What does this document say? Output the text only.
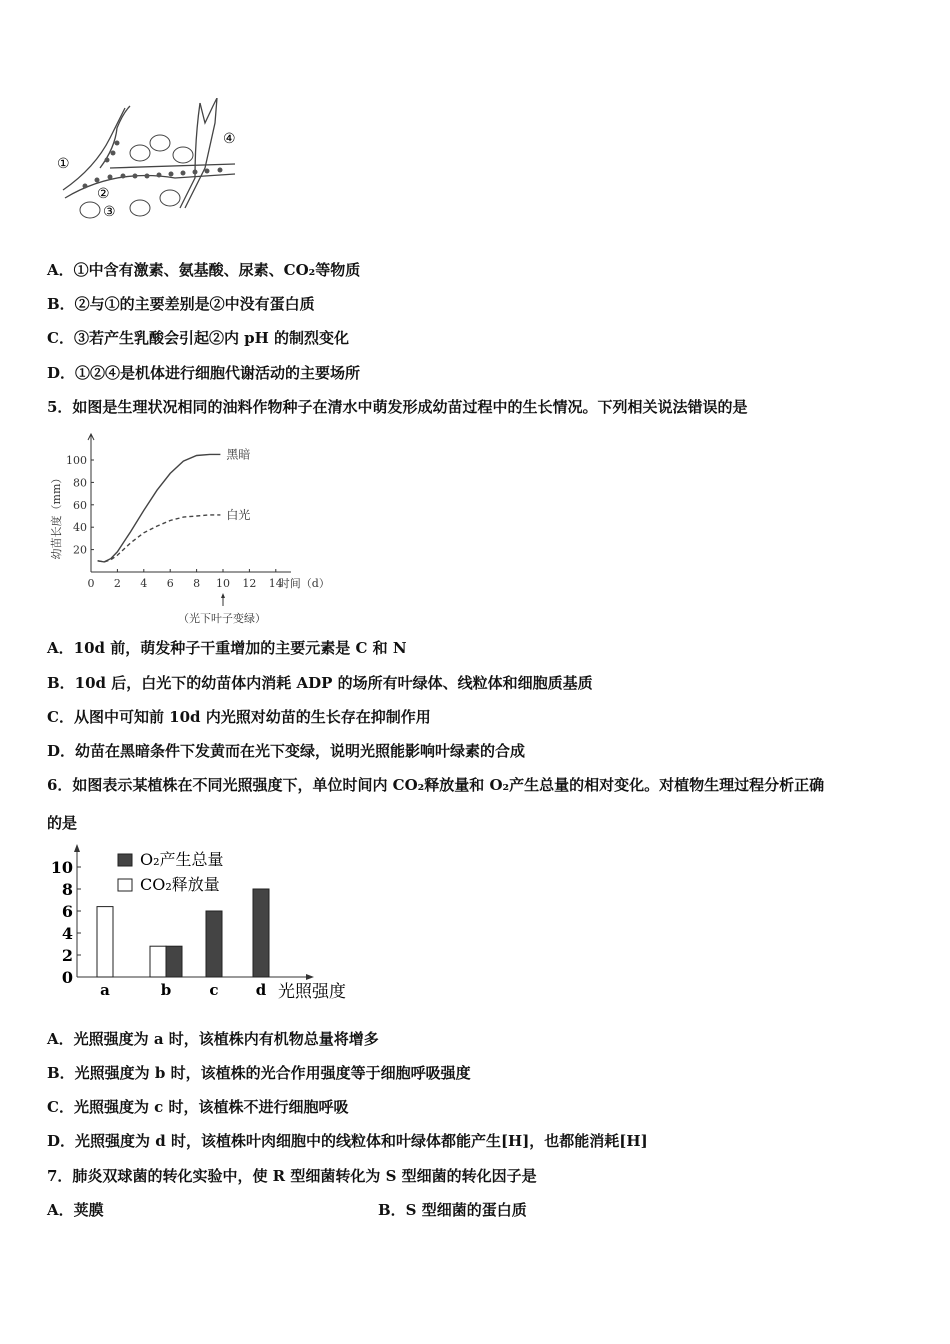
①
②
③
④
A．①中含有激素、氨基酸、尿素、CO₂等物质
B．②与①的主要差别是②中没有蛋白质
C．③若产生乳酸会引起②内 pH 的制烈变化
D．①②④是机体进行细胞代谢活动的主要场所
5．如图是生理状况相同的油料作物种子在清水中萌发形成幼苗过程中的生长情况。下列相关说法错误的是
0 2 4 6 8 10 12 14
20
40
60
80
100
时间（d）
幼苗长度（mm）
黑暗
白光
（光下叶子变绿）
A．10d 前，萌发种子干重增加的主要元素是 C 和 N
B．10d 后，白光下的幼苗体内消耗 ADP 的场所有叶绿体、线粒体和细胞质基质
C．从图中可知前 10d 内光照对幼苗的生长存在抑制作用
D．幼苗在黑暗条件下发黄而在光下变绿，说明光照能影响叶绿素的合成
6．如图表示某植株在不同光照强度下，单位时间内 CO₂释放量和 O₂产生总量的相对变化。对植物生理过程分析正确
的是
0
2
4
6
8
10
a	b	c d 光照强度
O₂产生总量
CO₂释放量
A．光照强度为 a 时，该植株内有机物总量将增多
B．光照强度为 b 时，该植株的光合作用强度等于细胞呼吸强度
C．光照强度为 c 时，该植株不进行细胞呼吸
D．光照强度为 d 时，该植株叶肉细胞中的线粒体和叶绿体都能产生[H]，也都能消耗[H]
7．肺炎双球菌的转化实验中，使 R 型细菌转化为 S 型细菌的转化因子是
A．荚膜	B．S 型细菌的蛋白质
